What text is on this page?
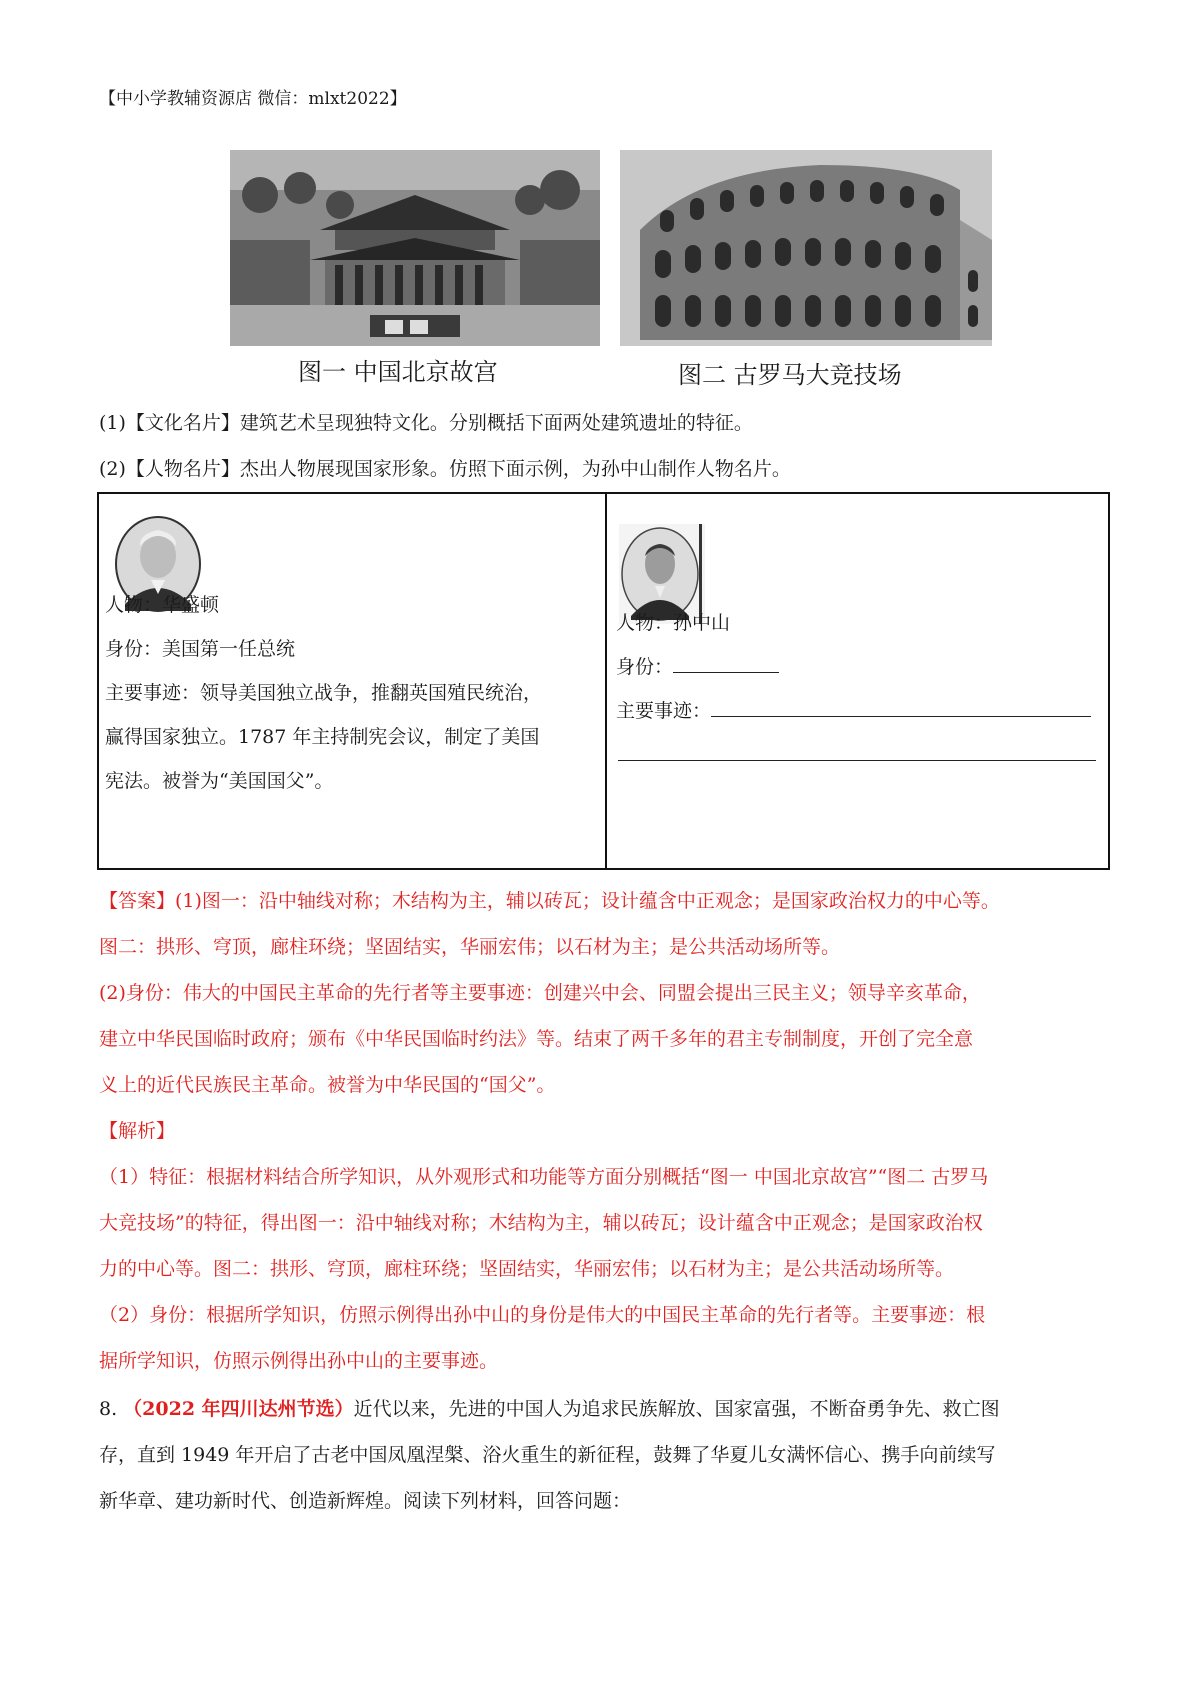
【中小学教辅资源店 微信：mlxt2022】
图一 中国北京故宫	图二 古罗马大竞技场
(1)【文化名片】建筑艺术呈现独特文化。分别概括下面两处建筑遗址的特征。
(2)【人物名片】杰出人物展现国家形象。仿照下面示例，为孙中山制作人物名片。
人物：华盛顿
身份：美国第一任总统
主要事迹：领导美国独立战争，推翻英国殖民统治，
赢得国家独立。1787 年主持制宪会议，制定了美国
宪法。被誉为“美国国父”。
人物：孙中山
身份：
主要事迹：
【答案】(1)图一：沿中轴线对称；木结构为主，辅以砖瓦；设计蕴含中正观念；是国家政治权力的中心等。
图二：拱形、穹顶，廊柱环绕；坚固结实，华丽宏伟；以石材为主；是公共活动场所等。
(2)身份：伟大的中国民主革命的先行者等主要事迹：创建兴中会、同盟会提出三民主义；领导辛亥革命，
建立中华民国临时政府；颁布《中华民国临时约法》等。结束了两千多年的君主专制制度，开创了完全意
义上的近代民族民主革命。被誉为中华民国的“国父”。
【解析】
（1）特征：根据材料结合所学知识，从外观形式和功能等方面分别概括“图一 中国北京故宫”“图二 古罗马
大竞技场”的特征，得出图一：沿中轴线对称；木结构为主，辅以砖瓦；设计蕴含中正观念；是国家政治权
力的中心等。图二：拱形、穹顶，廊柱环绕；坚固结实，华丽宏伟；以石材为主；是公共活动场所等。
（2）身份：根据所学知识，仿照示例得出孙中山的身份是伟大的中国民主革命的先行者等。主要事迹：根
据所学知识，仿照示例得出孙中山的主要事迹。
8. （2022 年四川达州节选）近代以来，先进的中国人为追求民族解放、国家富强，不断奋勇争先、救亡图
存，直到 1949 年开启了古老中国凤凰涅槃、浴火重生的新征程，鼓舞了华夏儿女满怀信心、携手向前续写
新华章、建功新时代、创造新辉煌。阅读下列材料，回答问题：
